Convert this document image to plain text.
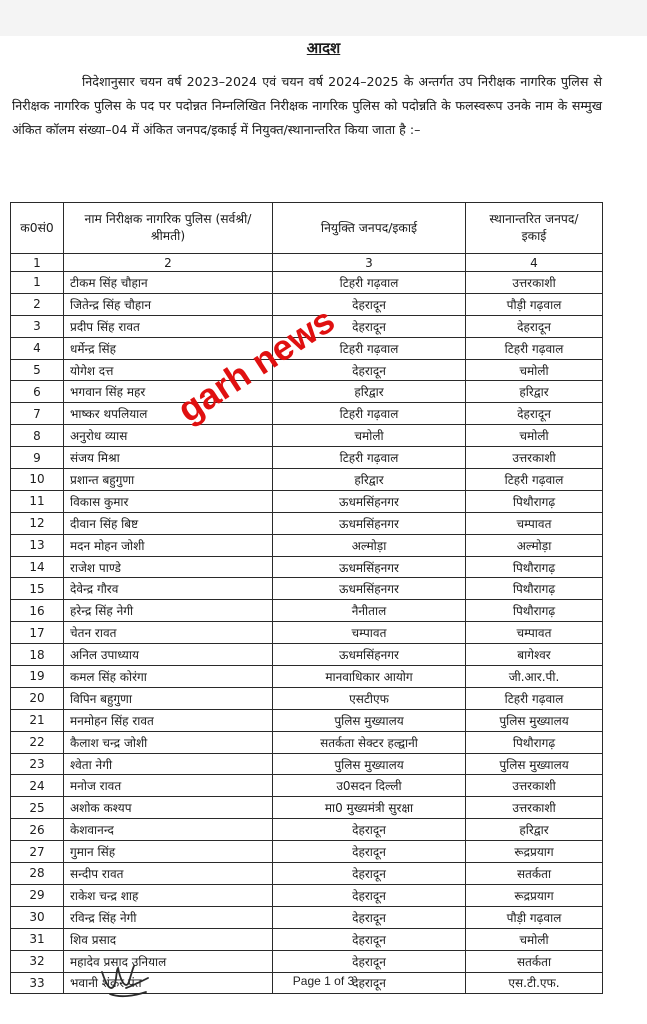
आदश
निदेशानुसार चयन वर्ष 2023–2024 एवं चयन वर्ष 2024–2025 के अन्तर्गत उप निरीक्षक नागरिक पुलिस से निरीक्षक नागरिक पुलिस के पद पर पदोन्नत निम्नलिखित निरीक्षक नागरिक पुलिस को पदोन्नति के फलस्वरूप उनके नाम के सम्मुख अंकित कॉलम संख्या–04 में अंकित जनपद/इकाई में नियुक्त/स्थानान्तरित किया जाता है :–
क0सं0	नाम निरीक्षक नागरिक पुलिस (सर्वश्री/श्रीमती)	नियुक्ति जनपद/इकाई	स्थानान्तरित जनपद/इकाई
1	2	3	4
1	टीकम सिंह चौहान	टिहरी गढ़वाल	उत्तरकाशी
2	जितेन्द्र सिंह चौहान	देहरादून	पौड़ी गढ़वाल
3	प्रदीप सिंह रावत	देहरादून	देहरादून
4	धर्मेन्द्र सिंह	टिहरी गढ़वाल	टिहरी गढ़वाल
5	योगेश दत्त	देहरादून	चमोली
6	भगवान सिंह महर	हरिद्वार	हरिद्वार
7	भाष्कर थपलियाल	टिहरी गढ़वाल	देहरादून
8	अनुरोध व्यास	चमोली	चमोली
9	संजय मिश्रा	टिहरी गढ़वाल	उत्तरकाशी
10	प्रशान्त बहुगुणा	हरिद्वार	टिहरी गढ़वाल
11	विकास कुमार	ऊधमसिंहनगर	पिथौरागढ़
12	दीवान सिंह बिष्ट	ऊधमसिंहनगर	चम्पावत
13	मदन मोहन जोशी	अल्मोड़ा	अल्मोड़ा
14	राजेश पाण्डे	ऊधमसिंहनगर	पिथौरागढ़
15	देवेन्द्र गौरव	ऊधमसिंहनगर	पिथौरागढ़
16	हरेन्द्र सिंह नेगी	नैनीताल	पिथौरागढ़
17	चेतन रावत	चम्पावत	चम्पावत
18	अनिल उपाध्याय	ऊधमसिंहनगर	बागेश्वर
19	कमल सिंह कोरंगा	मानवाधिकार आयोग	जी.आर.पी.
20	विपिन बहुगुणा	एसटीएफ	टिहरी गढ़वाल
21	मनमोहन सिंह रावत	पुलिस मुख्यालय	पुलिस मुख्यालय
22	कैलाश चन्द्र जोशी	सतर्कता सेक्टर हल्द्वानी	पिथौरागढ़
23	श्वेता नेगी	पुलिस मुख्यालय	पुलिस मुख्यालय
24	मनोज रावत	उ0सदन दिल्ली	उत्तरकाशी
25	अशोक कश्यप	मा0 मुख्यमंत्री सुरक्षा	उत्तरकाशी
26	केशवानन्द	देहरादून	हरिद्वार
27	गुमान सिंह	देहरादून	रूद्रप्रयाग
28	सन्दीप रावत	देहरादून	सतर्कता
29	राकेश चन्द्र शाह	देहरादून	रूद्रप्रयाग
30	रविन्द्र सिंह नेगी	देहरादून	पौड़ी गढ़वाल
31	शिव प्रसाद	देहरादून	चमोली
32	महादेव प्रसाद उनियाल	देहरादून	सतर्कता
33	भवानी शंकर पंत	देहरादून	एस.टी.एफ.
garh news
Page 1 of 3
